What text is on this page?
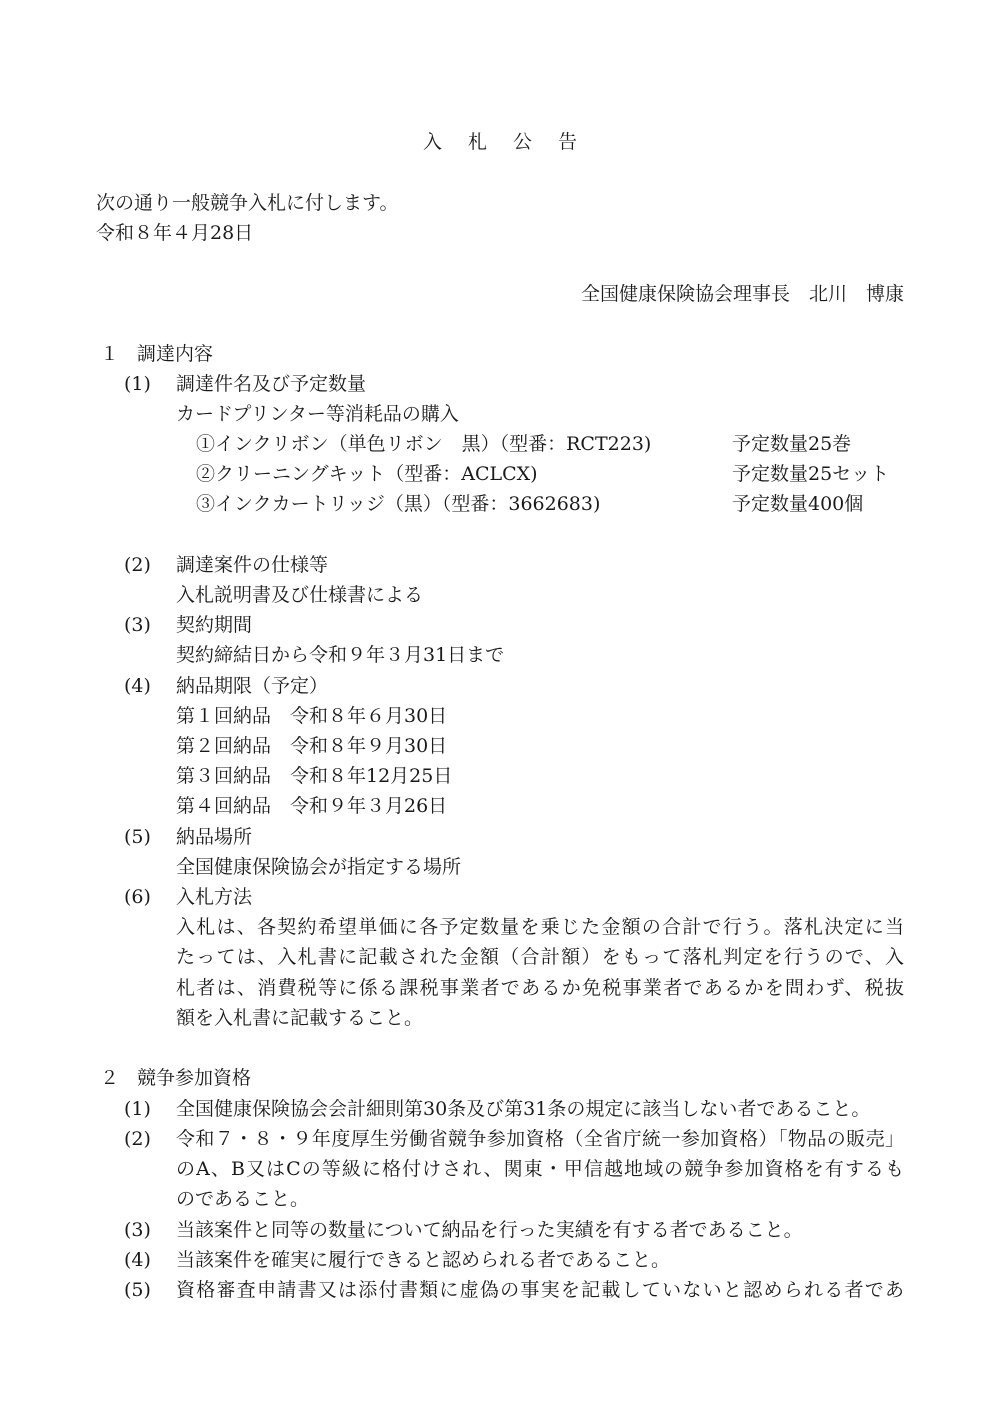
入札公告
次の通り一般競争入札に付します。
令和８年４月28日
全国健康保険協会理事長　北川　博康
１ 調達内容
(1) 調達件名及び予定数量
カードプリンター等消耗品の購入
①インクリボン（単色リボン　黒）（型番：RCT223)	予定数量25巻
②クリーニングキット（型番：ACLCX)	予定数量25セット
③インクカートリッジ（黒）（型番：3662683)	予定数量400個
(2) 調達案件の仕様等
入札説明書及び仕様書による
(3) 契約期間
契約締結日から令和９年３月31日まで
(4) 納品期限（予定）
第１回納品　令和８年６月30日
第２回納品　令和８年９月30日
第３回納品　令和８年12月25日
第４回納品　令和９年３月26日
(5) 納品場所
全国健康保険協会が指定する場所
(6) 入札方法
入札は、各契約希望単価に各予定数量を乗じた金額の合計で行う。落札決定に当
たっては、入札書に記載された金額（合計額）をもって落札判定を行うので、入
札者は、消費税等に係る課税事業者であるか免税事業者であるかを問わず、税抜
額を入札書に記載すること。
２ 競争参加資格
(1) 全国健康保険協会会計細則第30条及び第31条の規定に該当しない者であること。
(2) 令和７・８・９年度厚生労働省競争参加資格（全省庁統一参加資格）「物品の販売」
のA、B又はCの等級に格付けされ、関東・甲信越地域の競争参加資格を有するも
のであること。
(3) 当該案件と同等の数量について納品を行った実績を有する者であること。
(4) 当該案件を確実に履行できると認められる者であること。
(5) 資格審査申請書又は添付書類に虚偽の事実を記載していないと認められる者であ
